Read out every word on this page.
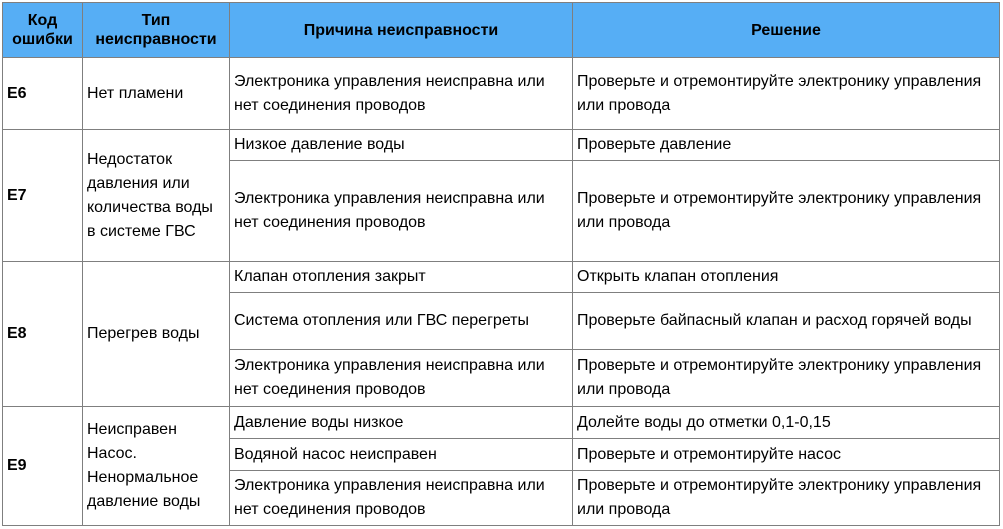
Код ошибки	Тип неисправности	Причина неисправности	Решение
E6	Нет пламени	Электроника управления неисправна или нет соединения проводов	Проверьте и отремонтируйте электронику управления или провода
E7	Недостаток давления или количества воды в системе ГВС	Низкое давление воды	Проверьте давление
		Электроника управления неисправна или нет соединения проводов	Проверьте и отремонтируйте электронику управления или провода
E8	Перегрев воды	Клапан отопления закрыт	Открыть клапан отопления
		Система отопления или ГВС перегреты	Проверьте байпасный клапан и расход горячей воды
		Электроника управления неисправна или нет соединения проводов	Проверьте и отремонтируйте электронику управления или провода
E9	Неисправен Насос. Ненормальное давление воды	Давление воды низкое	Долейте воды до отметки 0,1-0,15
		Водяной насос неисправен	Проверьте и отремонтируйте насос
		Электроника управления неисправна или нет соединения проводов	Проверьте и отремонтируйте электронику управления или провода
